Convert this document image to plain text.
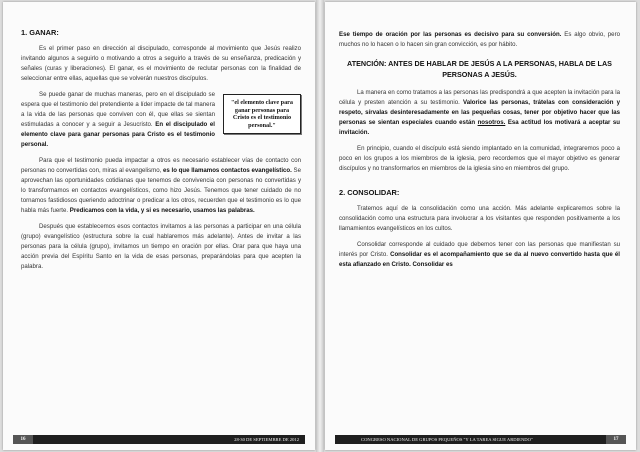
1. GANAR:

Es el primer paso en dirección al discipulado, corresponde al movimiento que Jesús realizo invitando algunos a seguirlo o motivando a otros a seguirlo a través de su enseñanza, predicación y señales (curas y liberaciones). El ganar, es el movimiento de reclutar personas con la finalidad de seleccionar entre ellas, aquellas que se volverán nuestros discípulos.

"el elemento clave para ganar personas para Cristo es el testimonio personal."
Se puede ganar de muchas maneras, pero en el discipulado se espera que el testimonio del pretendiente a líder impacte de tal manera a la vida de las personas que conviven con él, que ellas se sientan estimuladas a conocer y a seguir a Jesucristo. En el discipulado el elemento clave para ganar personas para Cristo es el testimonio personal.

Para que el testimonio pueda impactar a otros es necesario establecer vías de contacto con personas no convertidas con, miras al evangelismo, es lo que llamamos contactos evangelístico. Se aprovechan las oportunidades cotidianas que tenemos de convivencia con personas no convertidas y lo transformamos en contactos evangelísticos, como hizo Jesús. Tenemos que tener cuidado de no tornamos fastidiosos queriendo adoctrinar o predicar a los otros, recuerden que el testimonio es lo que habla más fuerte. Predicamos con la vida, y si es necesario, usamos las palabras.

Después que establecemos esos contactos invitamos a las personas a participar en una célula (grupo) evangelístico (estructura sobre la cual hablaremos más adelante). Antes de invitar a las personas para la célula (grupo), invitamos un tiempo en oración por ellas. Orar para que haya una acción previa del Espíritu Santo en la vida de esas personas, preparándolas para que acepten la palabra.

16	28-30 DE SEPTIEMBRE DE 2012

Ese tiempo de oración por las personas es decisivo para su conversión. Es algo obvio, pero muchos no lo hacen o lo hacen sin gran convicción, es por hábito.

ATENCIÓN: ANTES DE HABLAR DE JESÚS A LA PERSONAS, HABLA DE LAS PERSONAS A JESÚS.

La manera en como tratamos a las personas las predispondrá a que acepten la invitación para la célula y presten atención a su testimonio. Valorice las personas, trátelas con consideración y respeto, sírvalas desinteresadamente en las pequeñas cosas, tener por objetivo hacer que las personas se sientan especiales cuando están nosotros. Esa actitud los motivará a aceptar su invitación.

En principio, cuando el discípulo está siendo implantado en la comunidad, integraremos poco a poco en los grupos a los miembros de la iglesia, pero recordemos que el mayor objetivo es generar discípulos y no transformarlos en miembros de la iglesia sino en miembros del grupo.

2. CONSOLIDAR:

Tratemos aquí de la consolidación como una acción. Más adelante explicaremos sobre la consolidación como una estructura para involucrar a los visitantes que responden positivamente a los llamamientos evangelísticos en los cultos.

Consolidar corresponde al cuidado que debemos tener con las personas que manifiestan su interés por Cristo. Consolidar es el acompañamiento que se da al nuevo convertido hasta que él esta afianzado en Cristo. Consolidar es

CONGRESO NACIONAL DE GRUPOS PEQUEÑOS "Y LA TAREA SIGUE ARDIENDO"	17
